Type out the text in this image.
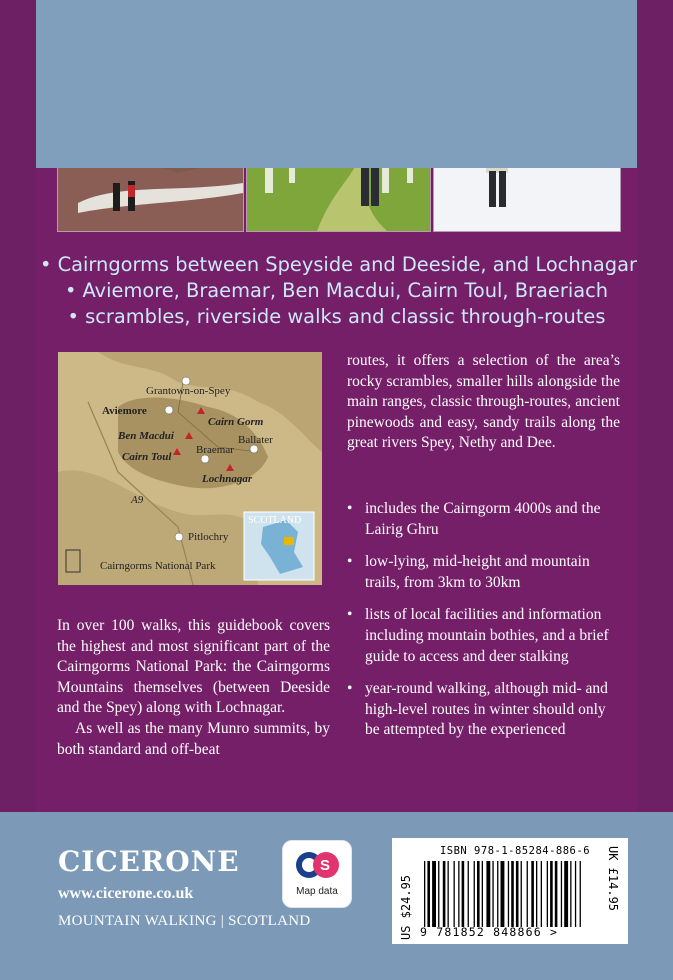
• Cairngorms between Speyside and Deeside, and Lochnagar
• Aviemore, Braemar, Ben Macdui, Cairn Toul, Braeriach
• scrambles, riverside walks and classic through-routes
Grantown-on-Spey
Aviemore
Ben Macdui
Cairn Gorm
Braemar
Ballater
Cairn Toul
Lochnagar
A9
Pitlochry
SCOTLAND
Cairngorms National Park

routes, it offers a selection of the area’s rocky scrambles, smaller hills alongside the main ranges, classic through-routes, ancient pinewoods and easy, sandy trails along the great rivers Spey, Nethy and Dee.

• includes the Cairngorm 4000s and the Lairig Ghru
• low-lying, mid-height and mountain trails, from 3km to 30km
• lists of local facilities and information including mountain bothies, and a brief guide to access and deer stalking
• year-round walking, although mid- and high-level routes in winter should only be attempted by the experienced

In over 100 walks, this guidebook covers the highest and most significant part of the Cairngorms National Park: the Cairngorms Mountains themselves (between Deeside and the Spey) along with Lochnagar.

As well as the many Munro summits, by both standard and off-beat

CICERONE
www.cicerone.co.uk
MOUNTAIN WALKING | SCOTLAND
S
Map data	US $24.95	UK £14.95
ISBN 978-1-85284-886-6
9 781852 848866 >
